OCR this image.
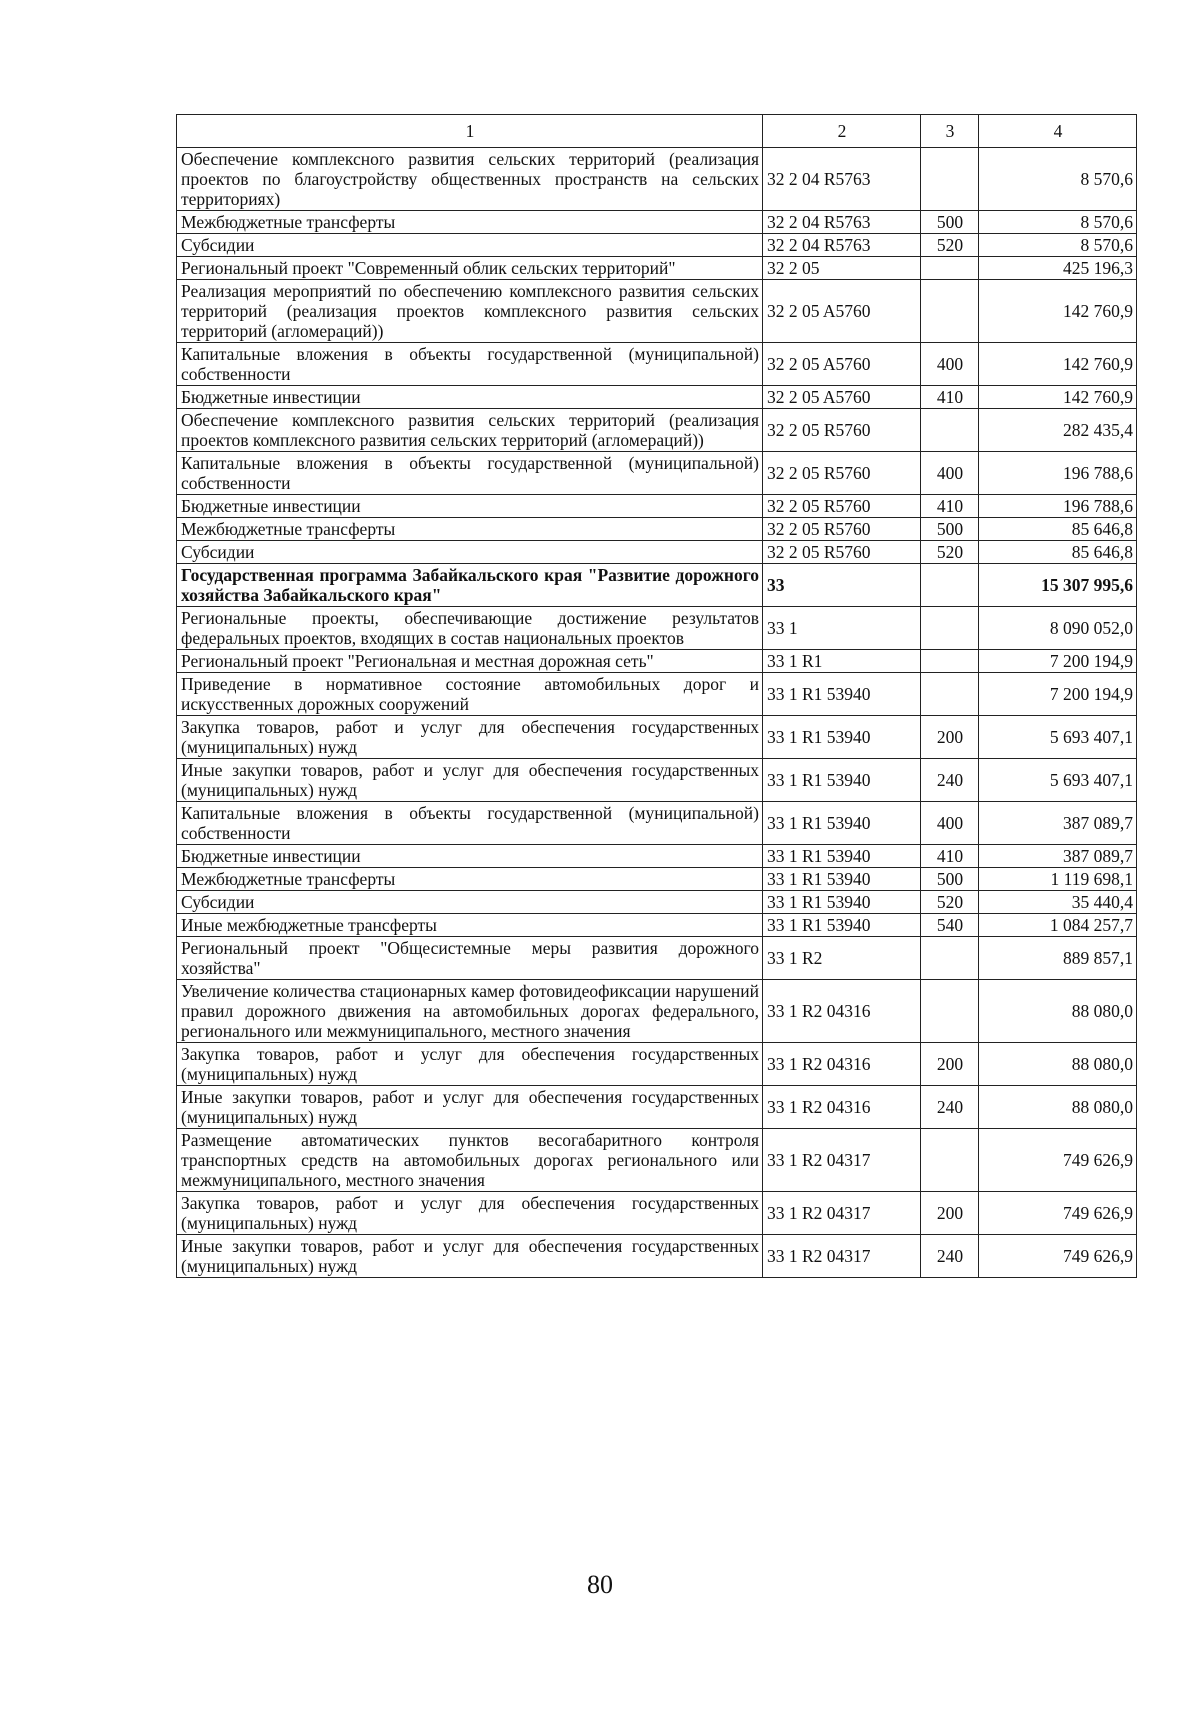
1	2	3	4
Обеспечение комплексного развития сельских территорий (реализация проектов по благоустройству общественных пространств на сельских территориях)	32 2 04 R5763		8 570,6
Межбюджетные трансферты	32 2 04 R5763	500	8 570,6
Субсидии	32 2 04 R5763	520	8 570,6
Региональный проект "Современный облик сельских территорий"	32 2 05		425 196,3
Реализация мероприятий по обеспечению комплексного развития сельских территорий (реализация проектов комплексного развития сельских территорий (агломераций))	32 2 05 A5760		142 760,9
Капитальные вложения в объекты государственной (муниципальной) собственности	32 2 05 A5760	400	142 760,9
Бюджетные инвестиции	32 2 05 A5760	410	142 760,9
Обеспечение комплексного развития сельских территорий (реализация проектов комплексного развития сельских территорий (агломераций))	32 2 05 R5760		282 435,4
Капитальные вложения в объекты государственной (муниципальной) собственности	32 2 05 R5760	400	196 788,6
Бюджетные инвестиции	32 2 05 R5760	410	196 788,6
Межбюджетные трансферты	32 2 05 R5760	500	85 646,8
Субсидии	32 2 05 R5760	520	85 646,8
Государственная программа Забайкальского края "Развитие дорожного хозяйства Забайкальского края"	33		15 307 995,6
Региональные проекты, обеспечивающие достижение результатов федеральных проектов, входящих в состав национальных проектов	33 1		8 090 052,0
Региональный проект "Региональная и местная дорожная сеть"	33 1 R1		7 200 194,9
Приведение в нормативное состояние автомобильных дорог и искусственных дорожных сооружений	33 1 R1 53940		7 200 194,9
Закупка товаров, работ и услуг для обеспечения государственных (муниципальных) нужд	33 1 R1 53940	200	5 693 407,1
Иные закупки товаров, работ и услуг для обеспечения государственных (муниципальных) нужд	33 1 R1 53940	240	5 693 407,1
Капитальные вложения в объекты государственной (муниципальной) собственности	33 1 R1 53940	400	387 089,7
Бюджетные инвестиции	33 1 R1 53940	410	387 089,7
Межбюджетные трансферты	33 1 R1 53940	500	1 119 698,1
Субсидии	33 1 R1 53940	520	35 440,4
Иные межбюджетные трансферты	33 1 R1 53940	540	1 084 257,7
Региональный проект "Общесистемные меры развития дорожного хозяйства"	33 1 R2		889 857,1
Увеличение количества стационарных камер фотовидеофиксации нарушений правил дорожного движения на автомобильных дорогах федерального, регионального или межмуниципального, местного значения	33 1 R2 04316		88 080,0
Закупка товаров, работ и услуг для обеспечения государственных (муниципальных) нужд	33 1 R2 04316	200	88 080,0
Иные закупки товаров, работ и услуг для обеспечения государственных (муниципальных) нужд	33 1 R2 04316	240	88 080,0
Размещение автоматических пунктов весогабаритного контроля транспортных средств на автомобильных дорогах регионального или межмуниципального, местного значения	33 1 R2 04317		749 626,9
Закупка товаров, работ и услуг для обеспечения государственных (муниципальных) нужд	33 1 R2 04317	200	749 626,9
Иные закупки товаров, работ и услуг для обеспечения государственных (муниципальных) нужд	33 1 R2 04317	240	749 626,9
80
